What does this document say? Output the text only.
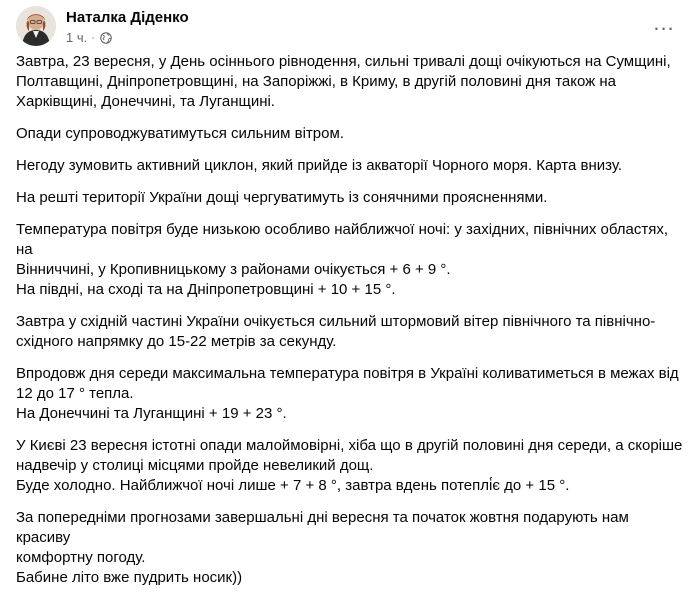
Наталка Діденко
1 ч. ·
...

Завтра, 23 вересня, у День осіннього рівнодення, сильні тривалі дощі очікуються на Сумщині,
Полтавщині, Дніпропетровщині, на Запоріжжі, в Криму, в другій половині дня також на
Харківщині, Донеччині, та Луганщині.

Опади супроводжуватимуться сильним вітром.

Негоду зумовить активний циклон, який прийде із акваторії Чорного моря. Карта внизу.

На решті території України дощі чергуватимуть із сонячними проясненнями.

Температура повітря буде низькою особливо найближчої ночі: у західних, північних областях, на
Вінниччині, у Кропивницькому з районами очікується + 6 + 9 °.
На півдні, на сході та на Дніпропетровщині + 10 + 15 °.

Завтра у східній частині України очікується сильний штормовий вітер північного та північно-
східного напрямку до 15-22 метрів за секунду.

Впродовж дня середи максимальна температура повітря в Україні коливатиметься в межах від
12 до 17 ° тепла.
На Донеччині та Луганщині + 19 + 23 °.

У Києві 23 вересня істотні опади малоймовірні, хіба що в другій половині дня середи, а скоріше
надвечір у столиці місцями пройде невеликий дощ.
Буде холодно. Найближчої ночі лише + 7 + 8 °, завтра вдень потеплі́є до + 15 °.

За попередніми прогнозами завершальні дні вересня та початок жовтня подарують нам красиву
комфортну погоду.
Бабине літо вже пудрить носик))
